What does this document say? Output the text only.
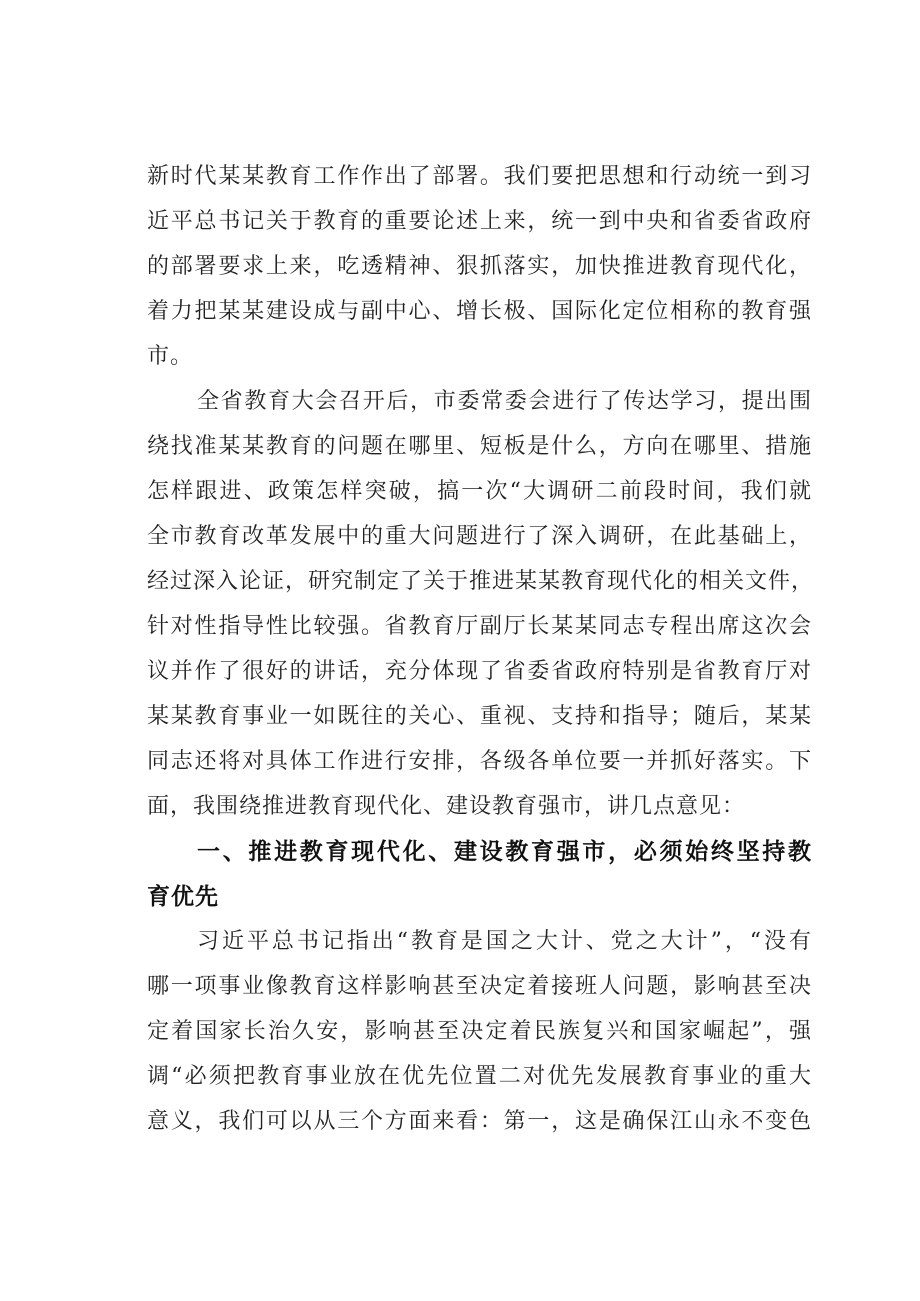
新时代某某教育工作作出了部署。我们要把思想和行动统一到习

近平总书记关于教育的重要论述上来，统一到中央和省委省政府

的部署要求上来，吃透精神、狠抓落实，加快推进教育现代化，

着力把某某建设成与副中心、增长极、国际化定位相称的教育强

市。

全省教育大会召开后，市委常委会进行了传达学习，提出围

绕找准某某教育的问题在哪里、短板是什么，方向在哪里、措施

怎样跟进、政策怎样突破，搞一次“大调研二前段时间，我们就

全市教育改革发展中的重大问题进行了深入调研，在此基础上，

经过深入论证，研究制定了关于推进某某教育现代化的相关文件，

针对性指导性比较强。省教育厅副厅长某某同志专程出席这次会

议并作了很好的讲话，充分体现了省委省政府特别是省教育厅对

某某教育事业一如既往的关心、重视、支持和指导；随后，某某

同志还将对具体工作进行安排，各级各单位要一并抓好落实。下

面，我围绕推进教育现代化、建设教育强市，讲几点意见：

一、推进教育现代化、建设教育强市，必须始终坚持教

育优先

习近平总书记指出“教育是国之大计、党之大计”，“没有

哪一项事业像教育这样影响甚至决定着接班人问题，影响甚至决

定着国家长治久安，影响甚至决定着民族复兴和国家崛起”，强

调“必须把教育事业放在优先位置二对优先发展教育事业的重大

意义，我们可以从三个方面来看：第一，这是确保江山永不变色
